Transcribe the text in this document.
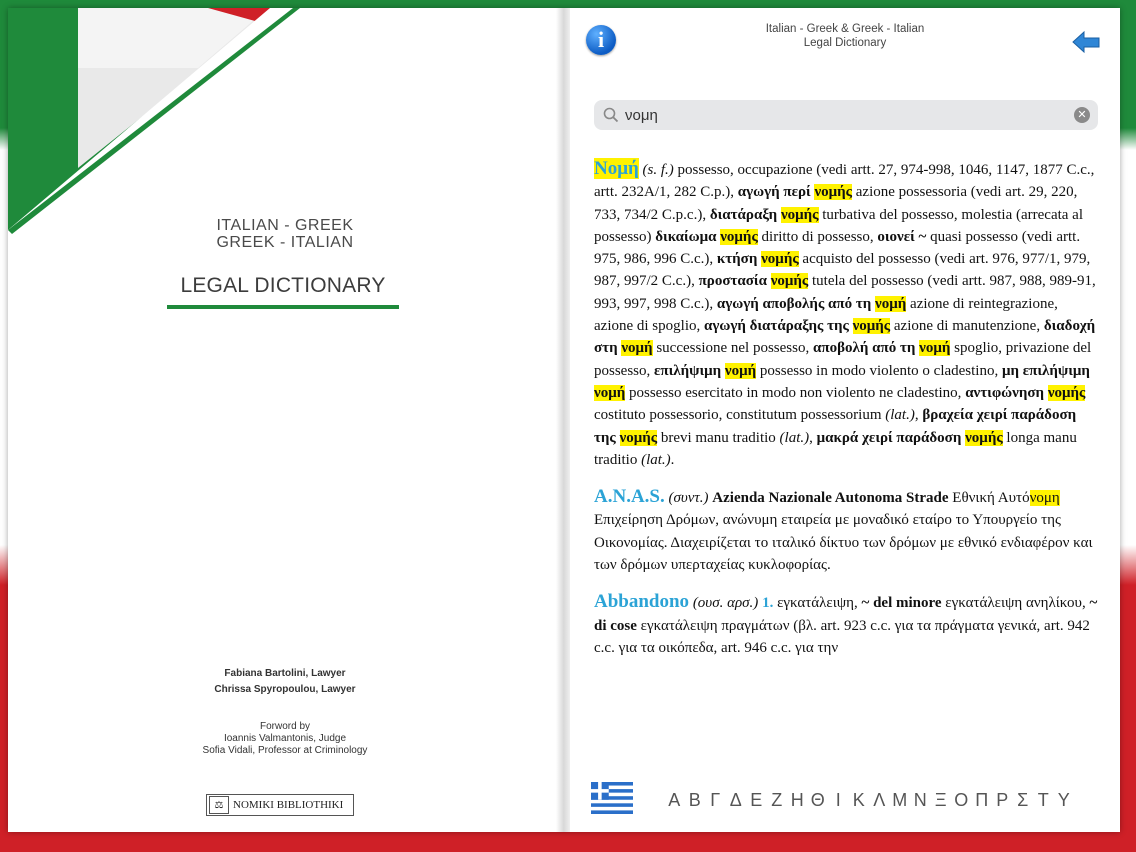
ITALIAN - GREEK
GREEK - ITALIAN
LEGAL DICTIONARY
Fabiana Bartolini, Lawyer
Chrissa Spyropoulou, Lawyer
Forword by
Ioannis Valmantonis, Judge
Sofia Vidali, Professor at Criminology
⚖ NOMIKI BIBLIOTHIKI
i	Italian - Greek & Greek - Italian
Legal Dictionary
νομη	✕
Νομή (s. f.) possesso, occupazione (vedi artt. 27, 974-998, 1046, 1147, 1877 C.c., artt. 232A/1, 282 C.p.), αγωγή περί νομής azione possessoria (vedi art. 29, 220, 733, 734/2 C.p.c.), διατάραξη νομής turbativa del possesso, molestia (arrecata al possesso) δικαίωμα νομής diritto di possesso, οιονεί ~ quasi possesso (vedi artt. 975, 986, 996 C.c.), κτήση νομής acquisto del possesso (vedi art. 976, 977/1, 979, 987, 997/2 C.c.), προστασία νομής tutela del possesso (vedi artt. 987, 988, 989-91, 993, 997, 998 C.c.), αγωγή αποβολής από τη νομή azione di reintegrazione, azione di spoglio, αγωγή διατάραξης της νομής azione di manutenzione, διαδοχή στη νομή successione nel possesso, αποβολή από τη νομή spoglio, privazione del possesso, επιλήψιμη νομή possesso in modo violento o cladestino, μη επιλήψιμη νομή possesso esercitato in modo non violento ne cladestino, αντιφώνηση νομής costituto possessorio, constitutum possessorium (lat.), βραχεία χειρί παράδοση της νομής brevi manu traditio (lat.), μακρά χειρί παράδοση νομής longa manu traditio (lat.).
A.N.A.S. (συντ.) Azienda Nazionale Autonoma Strade Εθνική Αυτόνομη Επιχείρηση Δρόμων, ανώνυμη εταιρεία με μοναδικό εταίρο το Υπουργείο της Οικονομίας. Διαχειρίζεται το ιταλικό δίκτυο των δρόμων με εθνικό ενδιαφέρον και των δρόμων υπερταχείας κυκλοφορίας.
Abbandono (ουσ. αρσ.) 1. εγκατάλειψη, ~ del minore εγκατάλειψη ανηλίκου, ~ di cose εγκατάλειψη πραγμάτων (βλ. art. 923 c.c. για τα πράγματα γενικά, art. 942 c.c. για τα οικόπεδα, art. 946 c.c. για την
Α Β Γ Δ Ε Ζ Η Θ Ι Κ Λ Μ Ν Ξ Ο Π Ρ Σ Τ Υ
